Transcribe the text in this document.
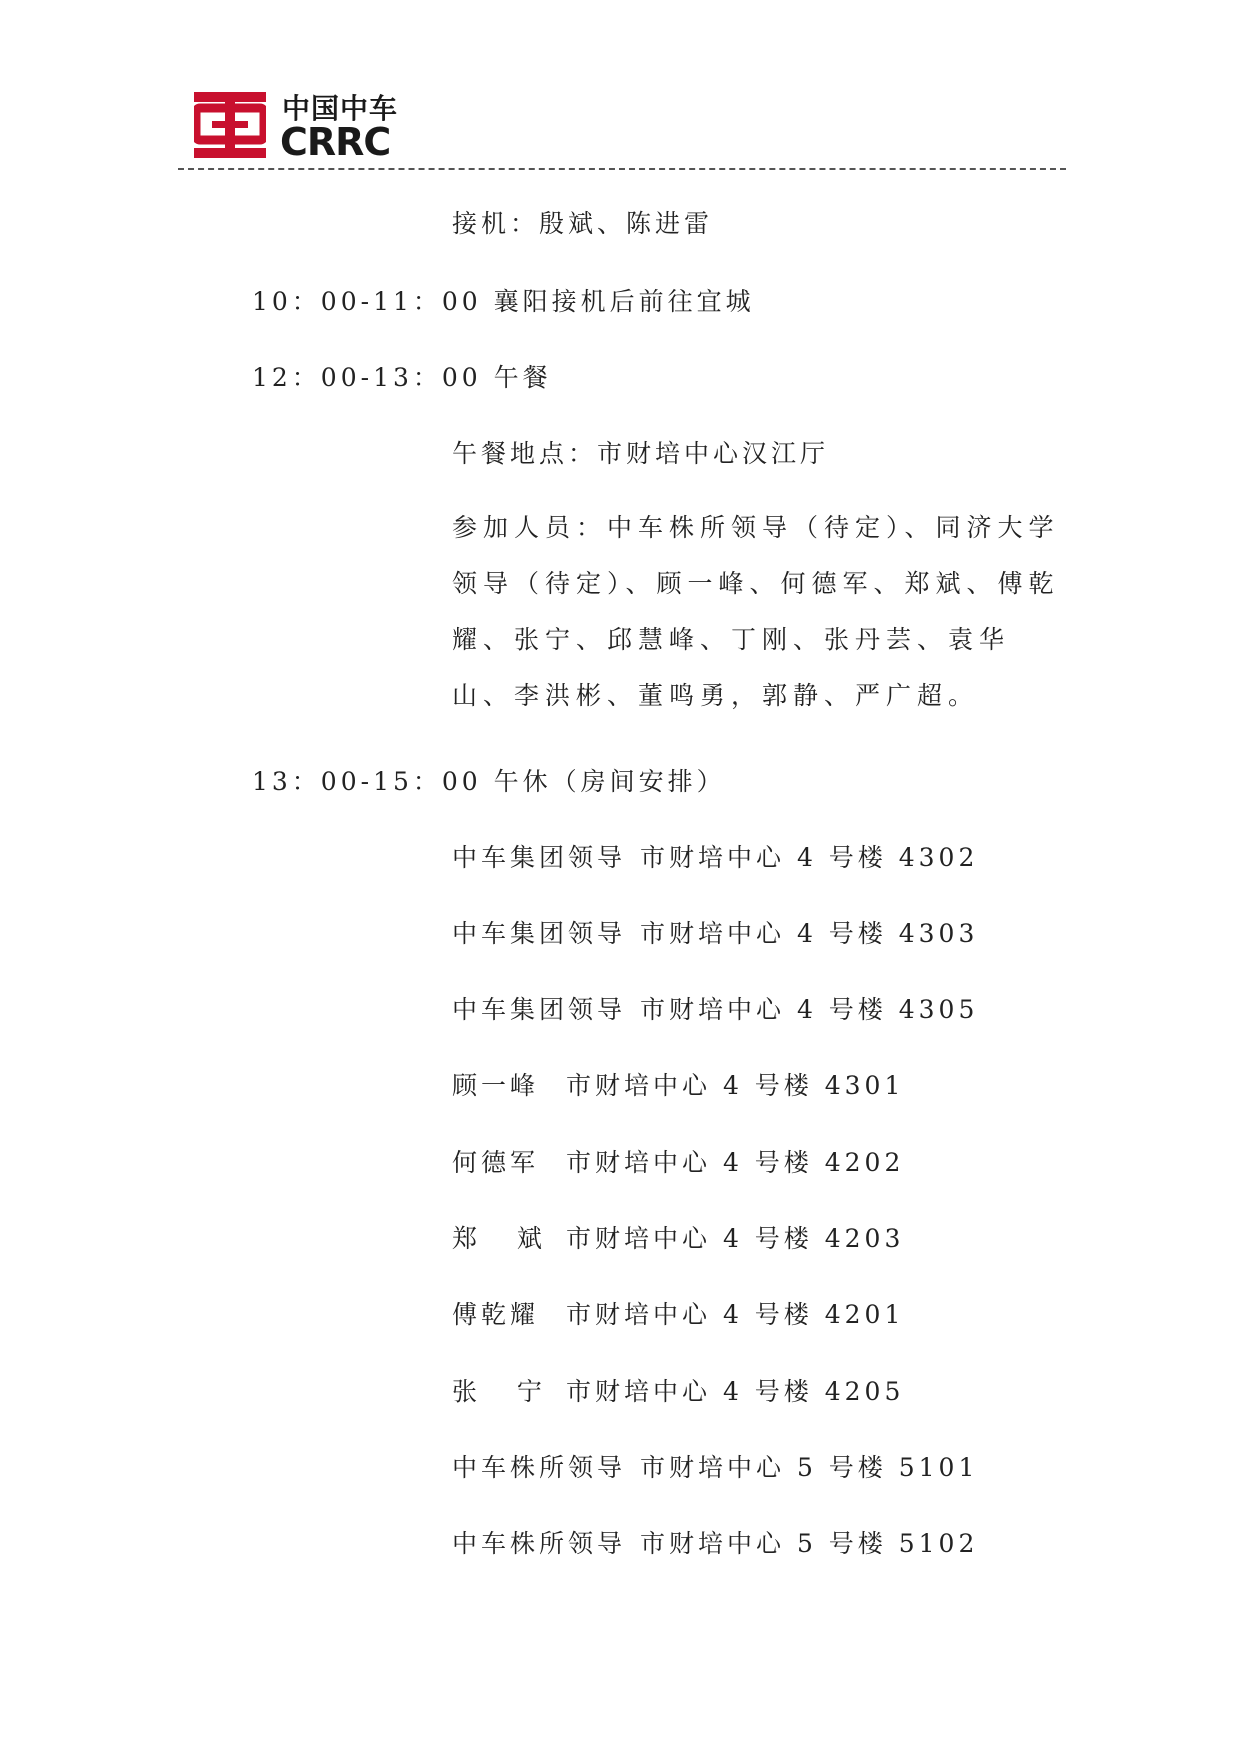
中国中车
CRRC
接机：殷斌、陈进雷
10：00-11：00 襄阳接机后前往宜城
12：00-13：00 午餐
午餐地点：市财培中心汉江厅

参加人员：中车株所领导（待定）、同济大学领导（待定）、顾一峰、何德军、郑斌、傅乾耀、张宁、邱慧峰、丁刚、张丹芸、袁华山、李洪彬、董鸣勇，郭静、严广超。

13：00-15：00 午休（房间安排）
中车集团领导 市财培中心 4 号楼 4302
中车集团领导 市财培中心 4 号楼 4303
中车集团领导 市财培中心 4 号楼 4305
顾一峰 市财培中心 4 号楼 4301
何德军 市财培中心 4 号楼 4202
郑   斌 市财培中心 4 号楼 4203
傅乾耀 市财培中心 4 号楼 4201
张   宁 市财培中心 4 号楼 4205
中车株所领导 市财培中心 5 号楼 5101
中车株所领导 市财培中心 5 号楼 5102
